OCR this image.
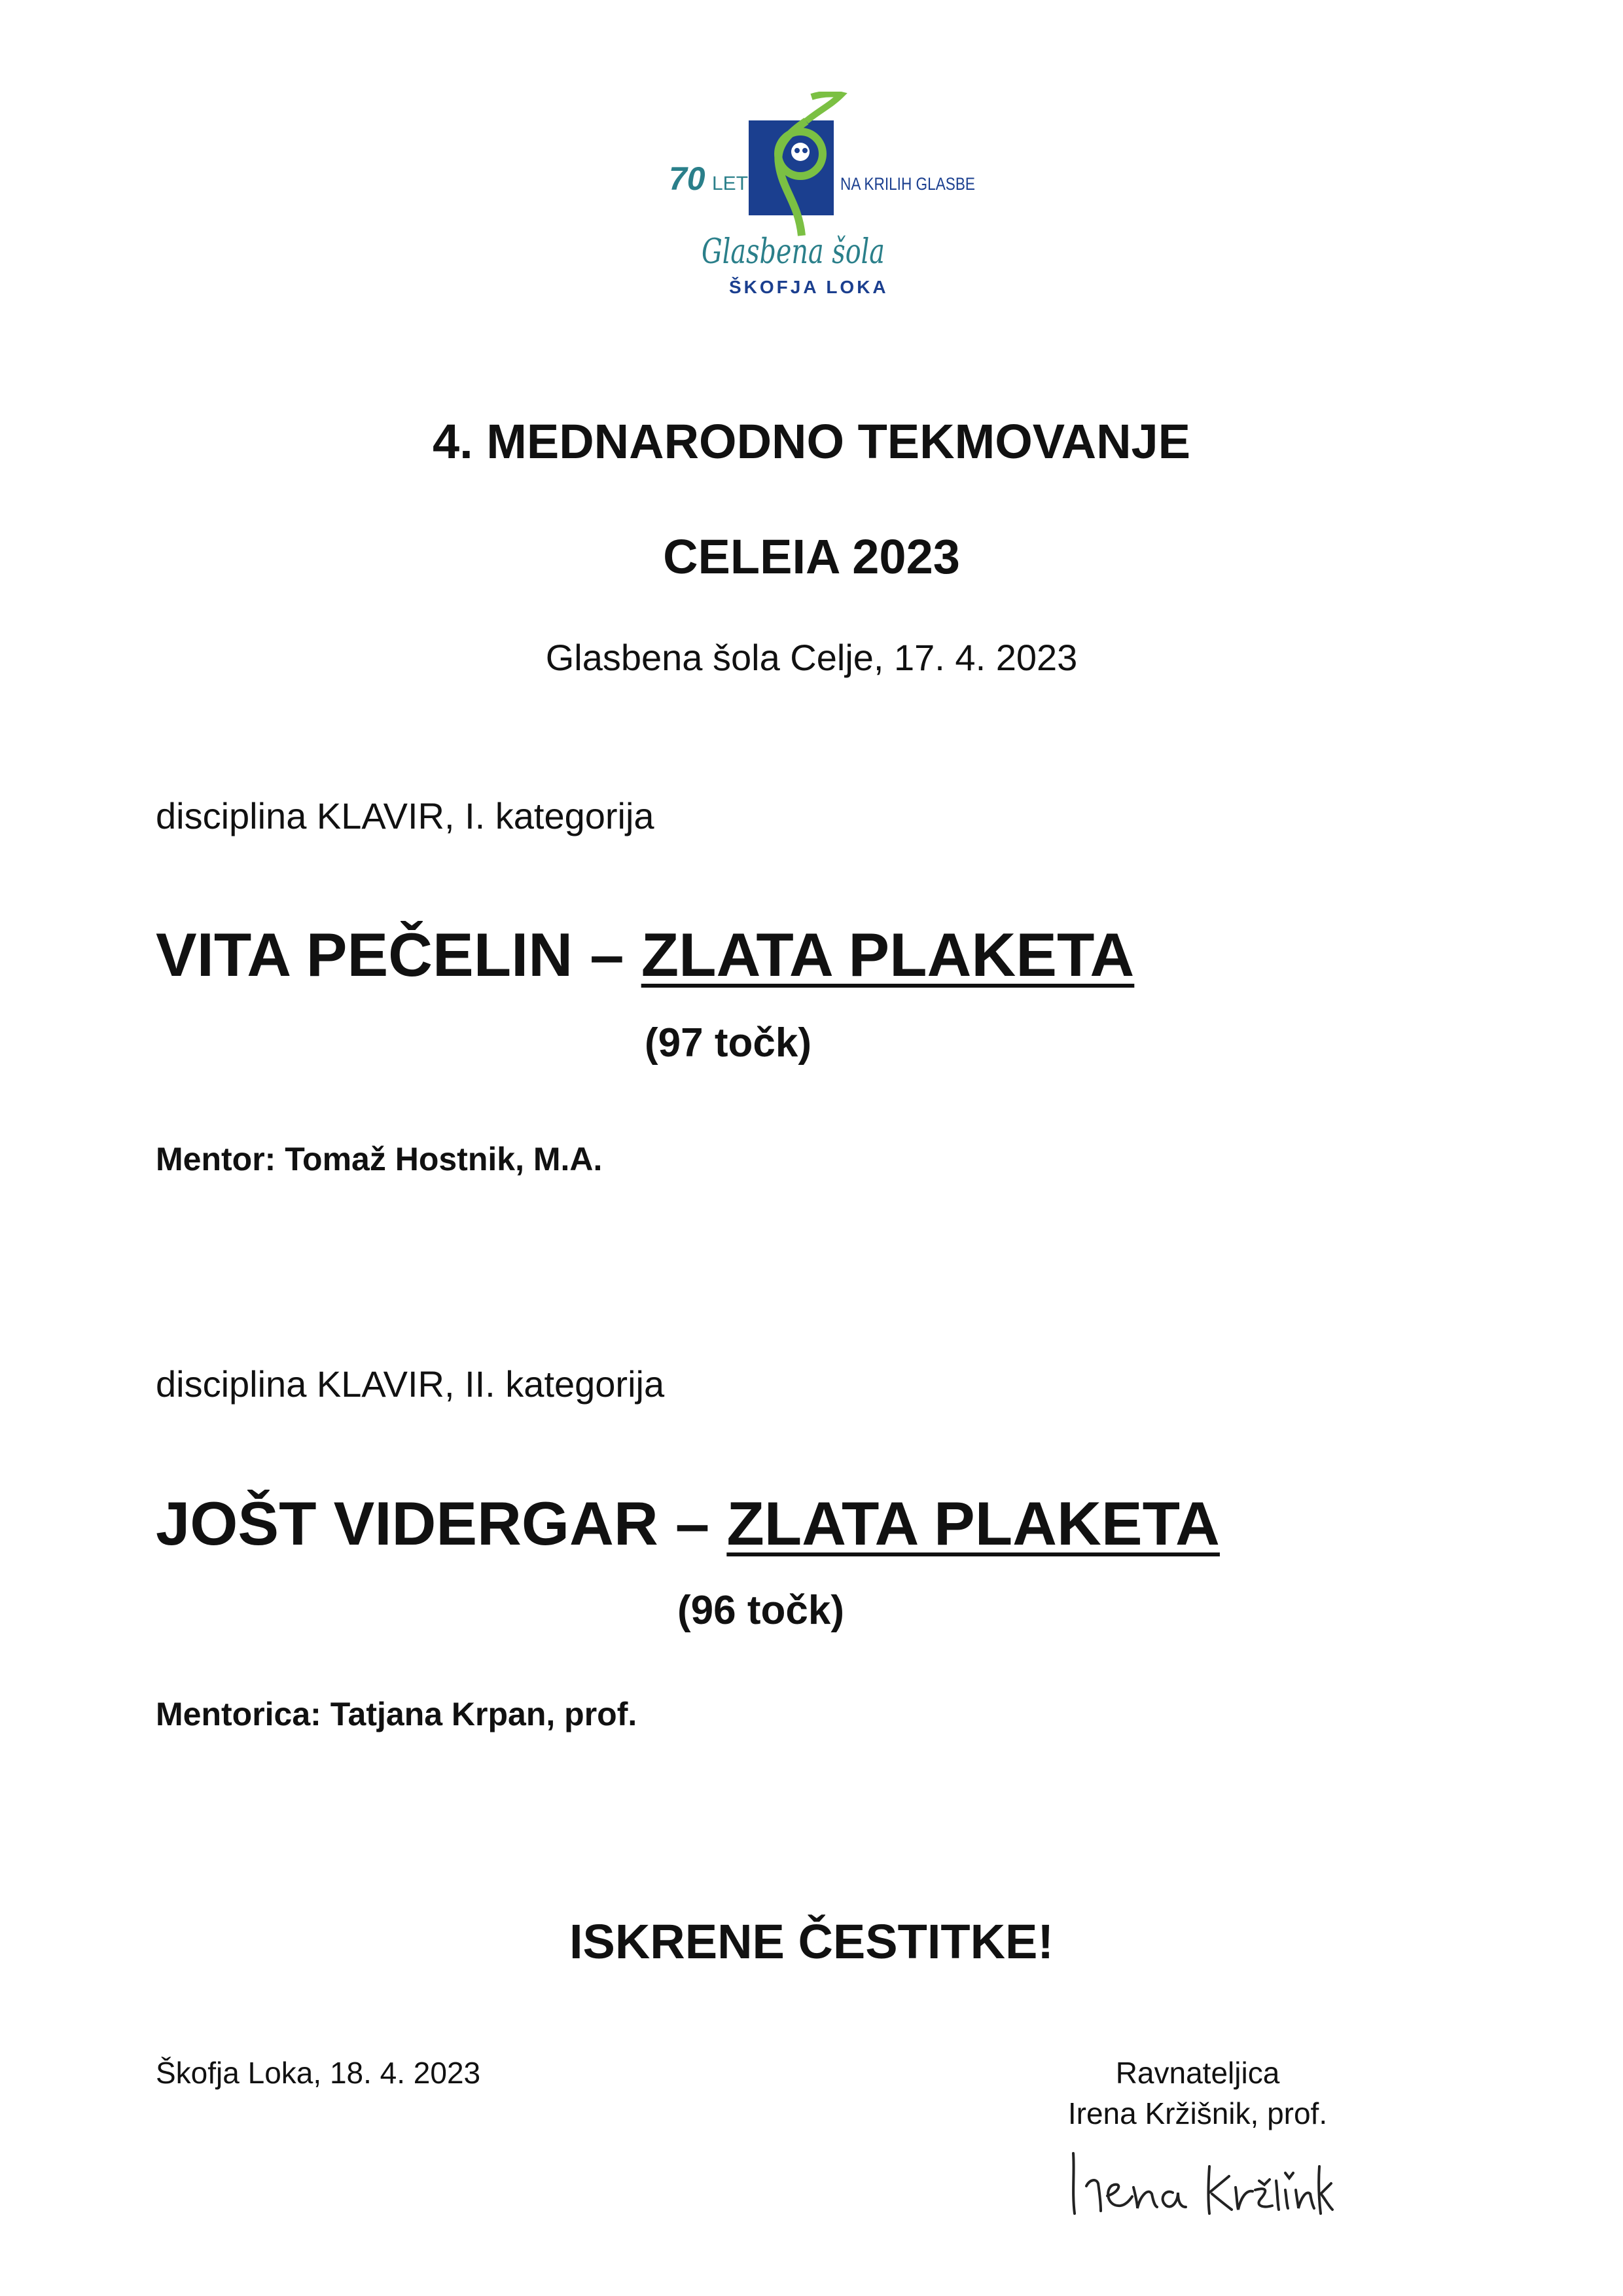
70 LET	NA KRILIH GLASBE
Glasbena šola
ŠKOFJA LOKA
4. MEDNARODNO TEKMOVANJE
CELEIA 2023
Glasbena šola Celje, 17. 4. 2023
disciplina KLAVIR, I. kategorija
VITA PEČELIN – ZLATA PLAKETA
(97 točk)
Mentor: Tomaž Hostnik, M.A.
disciplina KLAVIR, II. kategorija
JOŠT VIDERGAR – ZLATA PLAKETA
(96 točk)
Mentorica: Tatjana Krpan, prof.
ISKRENE ČESTITKE!
Škofja Loka, 18. 4. 2023	Ravnateljica
Irena Kržišnik, prof.
